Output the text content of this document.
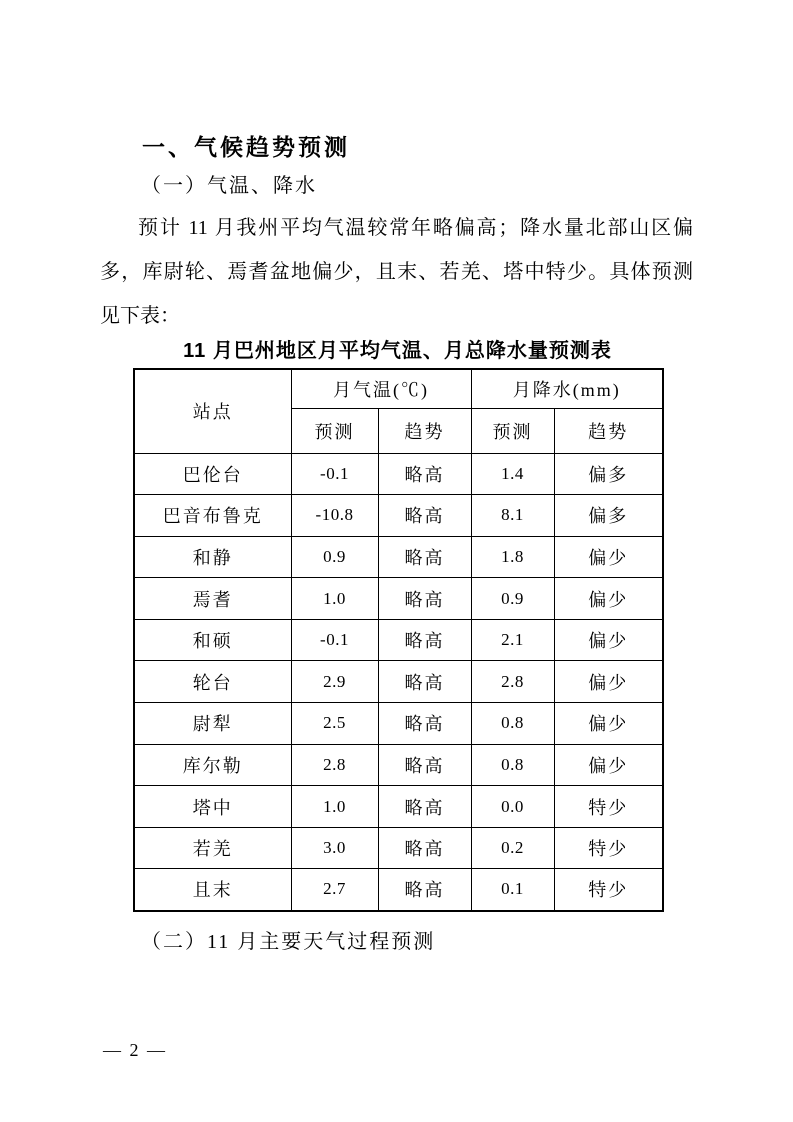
一、气候趋势预测
（一）气温、降水
预计 11 月我州平均气温较常年略偏高；降水量北部山区偏
多，库尉轮、焉耆盆地偏少，且末、若羌、塔中特少。具体预测
见下表：
11 月巴州地区月平均气温、月总降水量预测表
站点	月气温(℃)		月降水(mm)	
	预测	趋势	预测	趋势
巴伦台	-0.1	略高	1.4	偏多
巴音布鲁克	-10.8	略高	8.1	偏多
和静	0.9	略高	1.8	偏少
焉耆	1.0	略高	0.9	偏少
和硕	-0.1	略高	2.1	偏少
轮台	2.9	略高	2.8	偏少
尉犁	2.5	略高	0.8	偏少
库尔勒	2.8	略高	0.8	偏少
塔中	1.0	略高	0.0	特少
若羌	3.0	略高	0.2	特少
且末	2.7	略高	0.1	特少
（二）11 月主要天气过程预测
— 2 —
